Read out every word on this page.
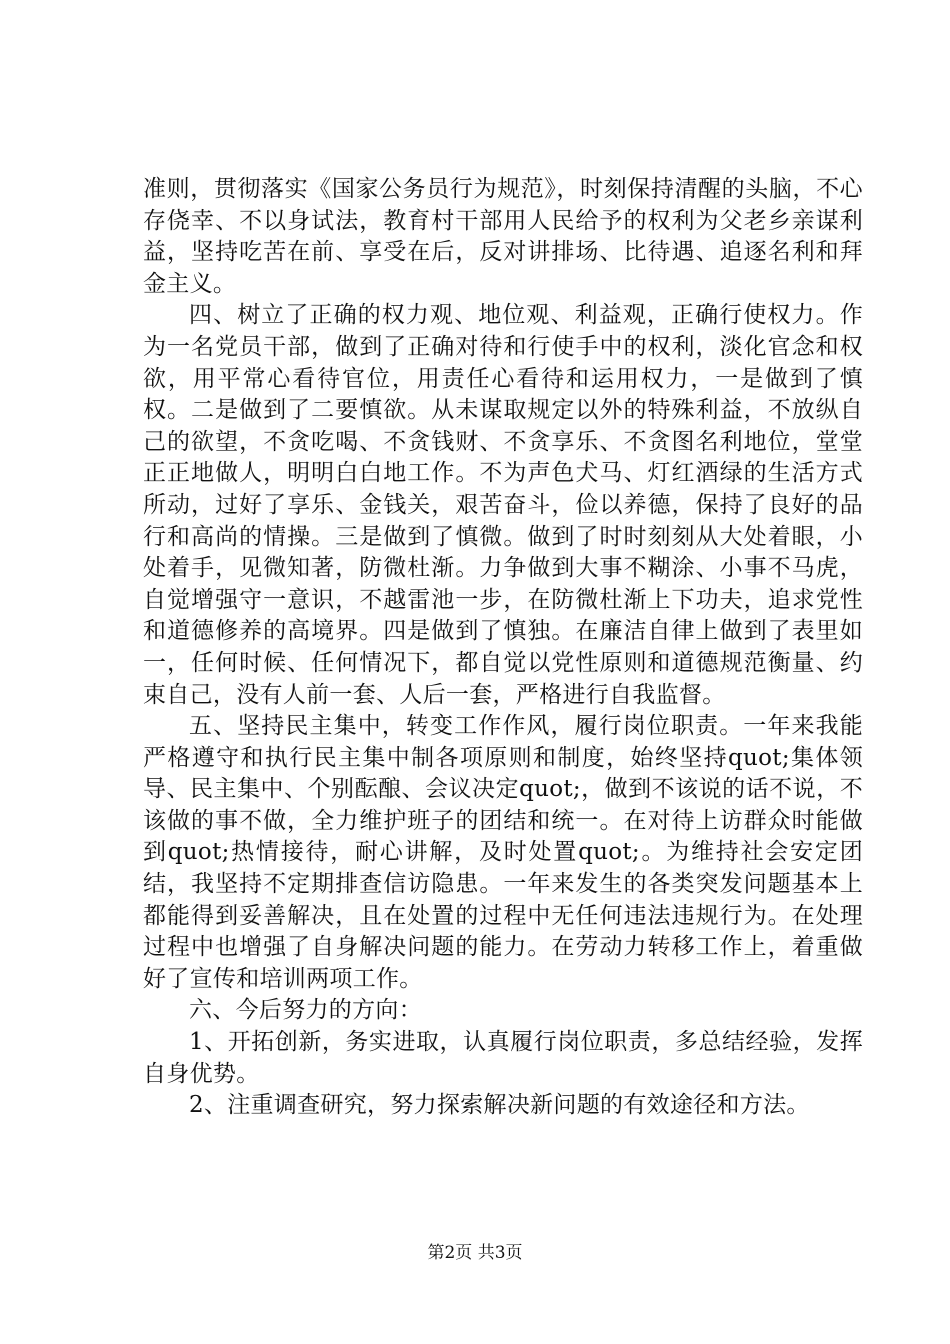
准则，贯彻落实《国家公务员行为规范》，时刻保持清醒的头脑，不心存侥幸、不以身试法，教育村干部用人民给予的权利为父老乡亲谋利益，坚持吃苦在前、享受在后，反对讲排场、比待遇、追逐名利和拜金主义。

四、树立了正确的权力观、地位观、利益观，正确行使权力。作为一名党员干部，做到了正确对待和行使手中的权利，淡化官念和权欲，用平常心看待官位，用责任心看待和运用权力，一是做到了慎权。二是做到了二要慎欲。从未谋取规定以外的特殊利益，不放纵自己的欲望，不贪吃喝、不贪钱财、不贪享乐、不贪图名利地位，堂堂正正地做人，明明白白地工作。不为声色犬马、灯红酒绿的生活方式所动，过好了享乐、金钱关，艰苦奋斗，俭以养德，保持了良好的品行和高尚的情操。三是做到了慎微。做到了时时刻刻从大处着眼，小处着手，见微知著，防微杜渐。力争做到大事不糊涂、小事不马虎，自觉增强守一意识，不越雷池一步，在防微杜渐上下功夫，追求党性和道德修养的高境界。四是做到了慎独。在廉洁自律上做到了表里如一，任何时候、任何情况下，都自觉以党性原则和道德规范衡量、约束自己，没有人前一套、人后一套，严格进行自我监督。

五、坚持民主集中，转变工作作风，履行岗位职责。一年来我能严格遵守和执行民主集中制各项原则和制度，始终坚持quot;集体领导、民主集中、个别酝酿、会议决定quot;，做到不该说的话不说，不该做的事不做，全力维护班子的团结和统一。在对待上访群众时能做到quot;热情接待，耐心讲解，及时处置quot;。为维持社会安定团结，我坚持不定期排查信访隐患。一年来发生的各类突发问题基本上都能得到妥善解决，且在处置的过程中无任何违法违规行为。在处理过程中也增强了自身解决问题的能力。在劳动力转移工作上，着重做好了宣传和培训两项工作。

六、今后努力的方向：

1、开拓创新，务实进取，认真履行岗位职责，多总结经验，发挥自身优势。

2、注重调查研究，努力探索解决新问题的有效途径和方法。

第2页 共3页
